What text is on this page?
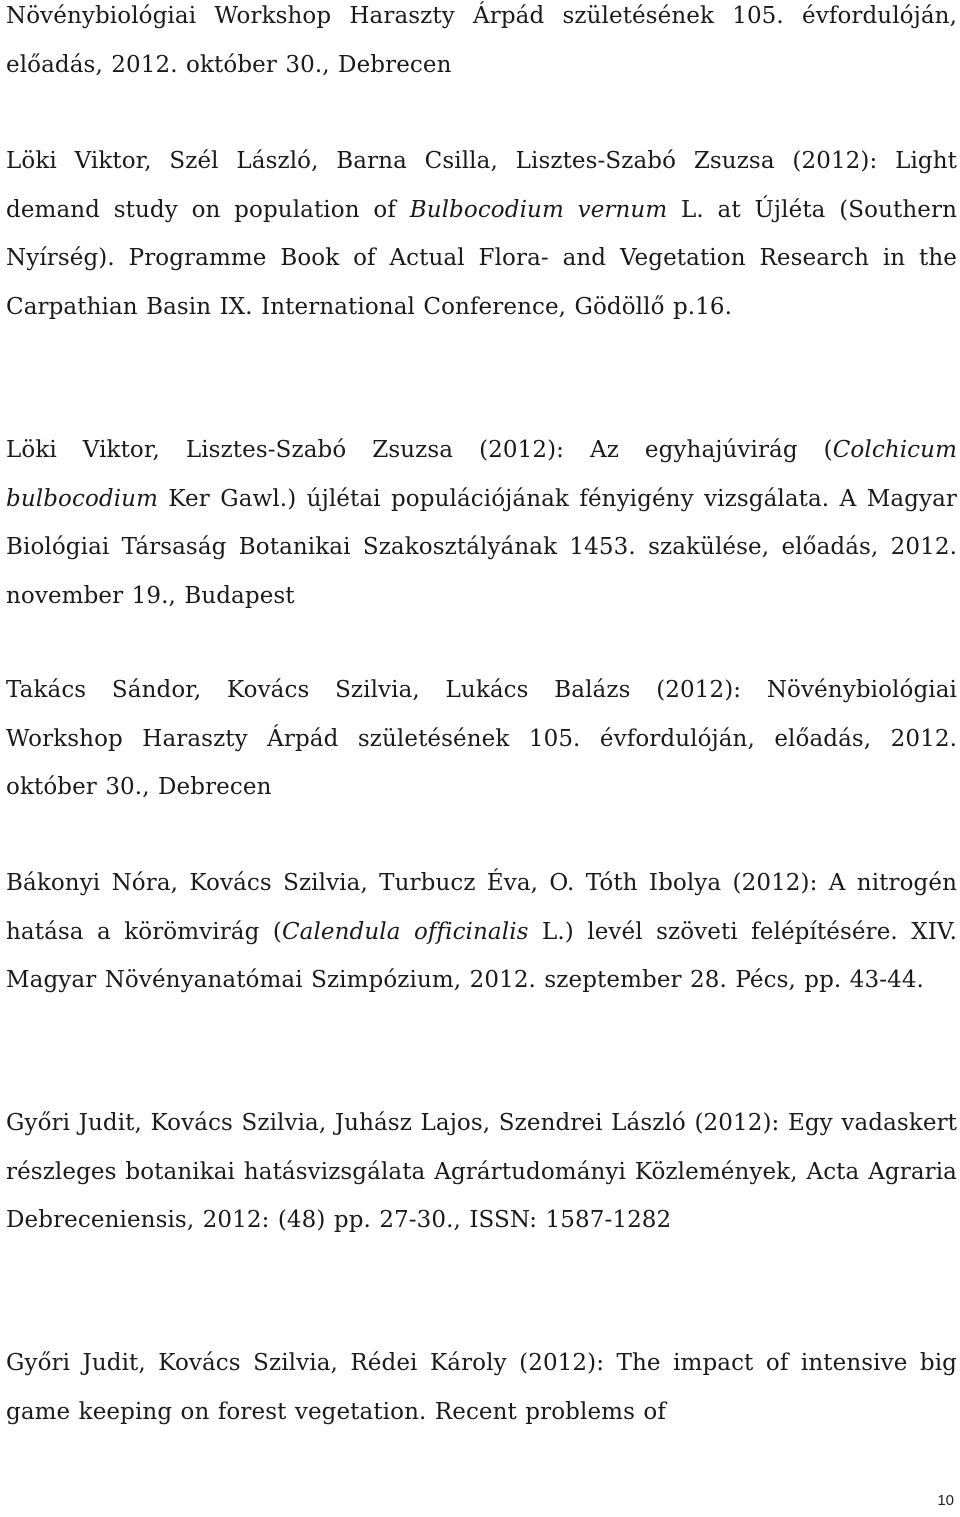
Növénybiológiai Workshop Haraszty Árpád születésének 105. évfordulóján, előadás, 2012. október 30., Debrecen

Löki Viktor, Szél László, Barna Csilla, Lisztes-Szabó Zsuzsa (2012): Light demand study on population of Bulbocodium vernum L. at Újléta (Southern Nyírség). Programme Book of Actual Flora- and Vegetation Research in the Carpathian Basin IX. International Conference, Gödöllő p.16.

Löki Viktor, Lisztes-Szabó Zsuzsa (2012): Az egyhajúvirág (Colchicum bulbocodium Ker Gawl.) újlétai populációjának fényigény vizsgálata. A Magyar Biológiai Társaság Botanikai Szakosztályának 1453. szakülése, előadás, 2012. november 19., Budapest

Takács Sándor, Kovács Szilvia, Lukács Balázs (2012): Növénybiológiai Workshop Haraszty Árpád születésének 105. évfordulóján, előadás, 2012. október 30., Debrecen

Bákonyi Nóra, Kovács Szilvia, Turbucz Éva, O. Tóth Ibolya (2012): A nitrogén hatása a körömvirág (Calendula officinalis L.) levél szöveti felépítésére. XIV. Magyar Növényanatómai Szimpózium, 2012. szeptember 28. Pécs, pp. 43-44.

Győri Judit, Kovács Szilvia, Juhász Lajos, Szendrei László (2012): Egy vadaskert részleges botanikai hatásvizsgálata Agrártudományi Közlemények, Acta Agraria Debreceniensis, 2012: (48) pp. 27-30., ISSN: 1587-1282

Győri Judit, Kovács Szilvia, Rédei Károly (2012): The impact of intensive big game keeping on forest vegetation. Recent problems of

10
